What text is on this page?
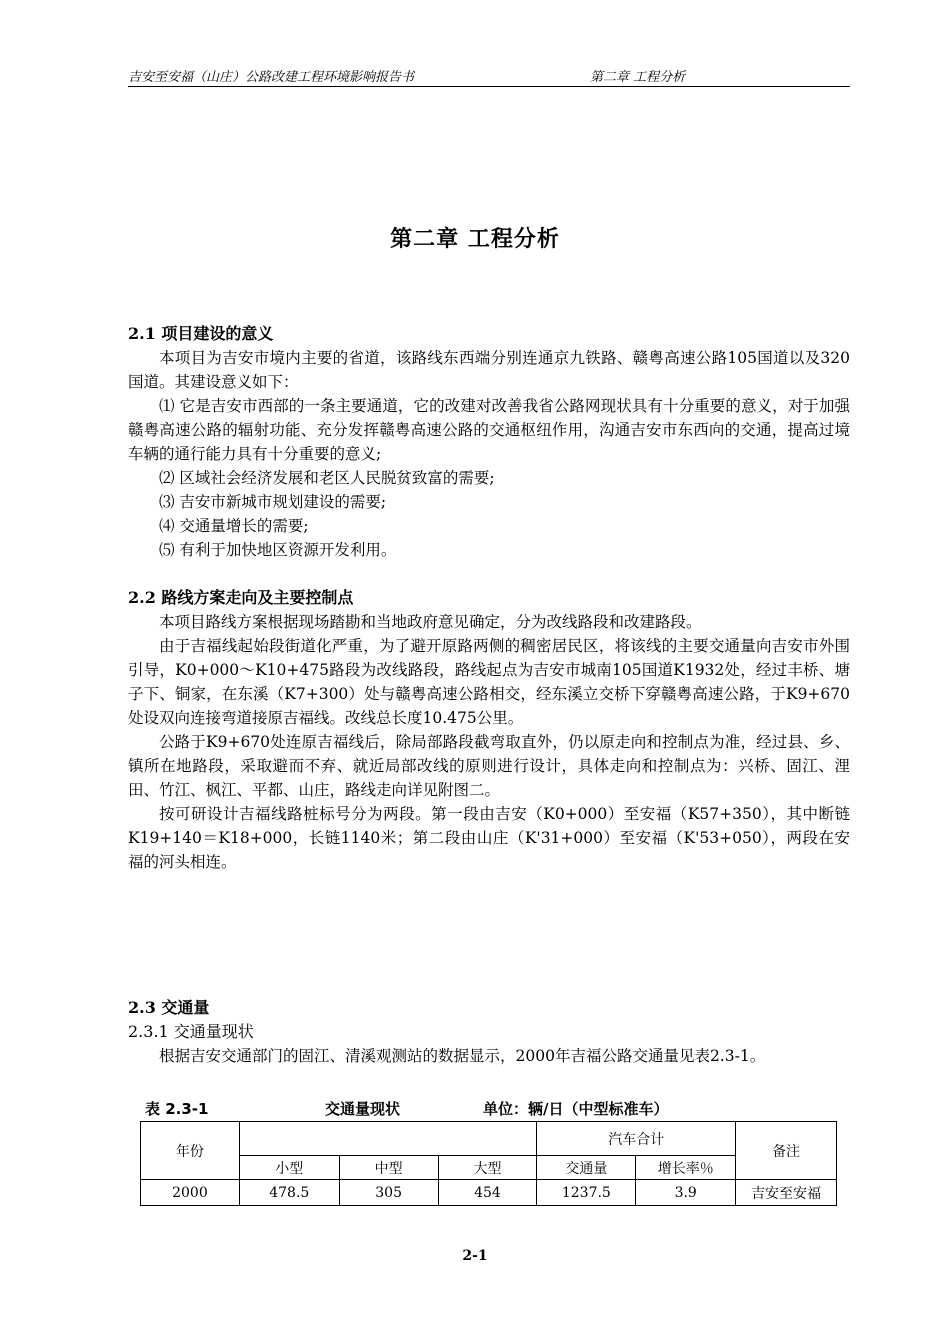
吉安至安福（山庄）公路改建工程环境影响报告书	第二章 工程分析
第二章 工程分析

2.1 项目建设的意义

本项目为吉安市境内主要的省道，该路线东西端分别连通京九铁路、赣粤高速公路105国道以及320国道。其建设意义如下：

⑴ 它是吉安市西部的一条主要通道，它的改建对改善我省公路网现状具有十分重要的意义，对于加强赣粤高速公路的辐射功能、充分发挥赣粤高速公路的交通枢纽作用，沟通吉安市东西向的交通，提高过境车辆的通行能力具有十分重要的意义;

⑵ 区域社会经济发展和老区人民脱贫致富的需要;

⑶ 吉安市新城市规划建设的需要;

⑷ 交通量增长的需要;

⑸ 有利于加快地区资源开发利用。

2.2 路线方案走向及主要控制点

本项目路线方案根据现场踏勘和当地政府意见确定，分为改线路段和改建路段。

由于吉福线起始段街道化严重，为了避开原路两侧的稠密居民区，将该线的主要交通量向吉安市外围引导，K0+000～K10+475路段为改线路段，路线起点为吉安市城南105国道K1932处，经过丰桥、塘子下、铜家，在东溪（K7+300）处与赣粤高速公路相交，经东溪立交桥下穿赣粤高速公路，于K9+670处设双向连接弯道接原吉福线。改线总长度10.475公里。

公路于K9+670处连原吉福线后，除局部路段截弯取直外，仍以原走向和控制点为准，经过县、乡、镇所在地路段，采取避而不弃、就近局部改线的原则进行设计，具体走向和控制点为：兴桥、固江、浬田、竹江、枫江、平都、山庄，路线走向详见附图二。

按可研设计吉福线路桩标号分为两段。第一段由吉安（K0+000）至安福（K57+350），其中断链K19+140＝K18+000，长链1140米；第二段由山庄（K'31+000）至安福（K'53+050），两段在安福的河头相连。

2.3 交通量

2.3.1 交通量现状

根据吉安交通部门的固江、清溪观测站的数据显示，2000年吉福公路交通量见表2.3-1。

表 2.3-1	交通量现状	单位：辆/日（中型标准车）
年份				汽车合计		备注
	小型	中型	大型	交通量	增长率％	
2000	478.5	305	454	1237.5	3.9	吉安至安福
2-1
